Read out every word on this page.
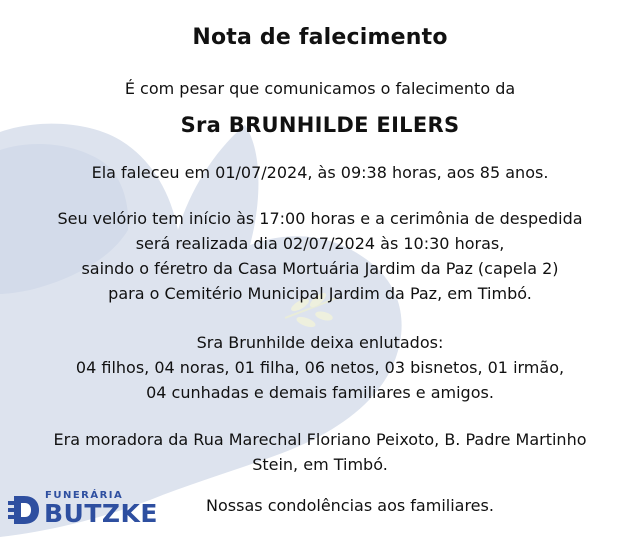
Nota de falecimento
É com pesar que comunicamos o falecimento da
Sra BRUNHILDE EILERS
Ela faleceu em 01/07/2024, às 09:38 horas, aos 85 anos.
Seu velório tem início às 17:00 horas e a cerimônia de despedida
será realizada dia 02/07/2024 às 10:30 horas,
saindo o féretro da Casa Mortuária Jardim da Paz (capela 2)
para o Cemitério Municipal Jardim da Paz, em Timbó.
Sra Brunhilde deixa enlutados:
04 filhos, 04 noras, 01 filha, 06 netos, 03 bisnetos, 01 irmão,
04 cunhadas e demais familiares e amigos.
Era moradora da Rua Marechal Floriano Peixoto, B. Padre Martinho
Stein, em Timbó.
Nossas condolências aos familiares.
FUNERÁRIA
BUTZKE
